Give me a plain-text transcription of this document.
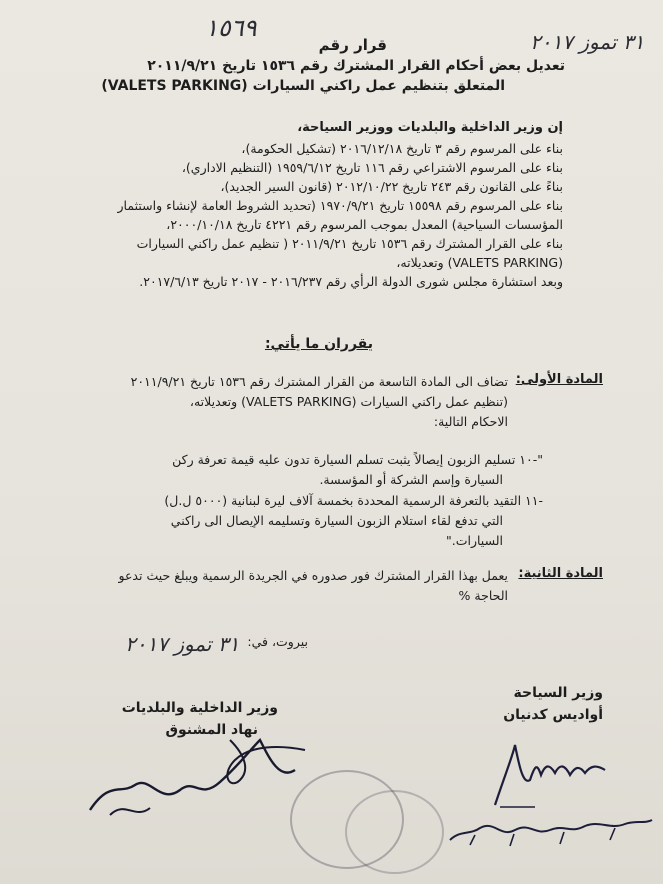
١٥٦٩	٣١ تموز ٢٠١٧
قرار رقم
تعديل بعض أحكام القرار المشترك رقم ١٥٣٦ تاريخ ٢٠١١/٩/٢١
المتعلق بتنظيم عمل راكني السيارات (VALETS PARKING)
إن وزير الداخلية والبلديات ووزير السياحة،
بناء على المرسوم رقم ٣ تاريخ ٢٠١٦/١٢/١٨ (تشكيل الحكومة)،
بناء على المرسوم الاشتراعي رقم ١١٦ تاريخ ١٩٥٩/٦/١٢ (التنظيم الاداري)،
بناءً على القانون رقم ٢٤٣ تاريخ ٢٠١٢/١٠/٢٢ (قانون السير الجديد)،
بناء على المرسوم رقم ١٥٥٩٨ تاريخ ١٩٧٠/٩/٢١ (تحديد الشروط العامة لإنشاء واستثمار
المؤسسات السياحية) المعدل بموجب المرسوم رقم ٤٢٢١ تاريخ ٢٠٠٠/١٠/١٨،
بناء على القرار المشترك رقم ١٥٣٦ تاريخ ٢٠١١/٩/٢١ ( تنظيم عمل راكني السيارات
(VALETS PARKING) وتعديلاته،
وبعد استشارة مجلس شورى الدولة الرأي رقم ٢٠١٦/٢٣٧ - ٢٠١٧ تاريخ ٢٠١٧/٦/١٣.
يقرران ما يأتي:
المادة الأولى:
تضاف الى المادة التاسعة من القرار المشترك رقم ١٥٣٦ تاريخ ٢٠١١/٩/٢١
(تنظيم عمل راكني السيارات (VALETS PARKING) وتعديلاته،
الاحكام التالية:
"-١٠ تسليم الزبون إيصالاً يثبت تسلم السيارة تدون عليه قيمة تعرفة ركن
السيارة وإسم الشركة أو المؤسسة.
-١١ التقيد بالتعرفة الرسمية المحددة بخمسة آلاف ليرة لبنانية (٥٠٠٠ ل.ل)
التي تدفع لقاء استلام الزبون السيارة وتسليمه الإيصال الى راكني
السيارات."
المادة الثانية:
يعمل بهذا القرار المشترك فور صدوره في الجريدة الرسمية ويبلغ حيث تدعو
الحاجة %
بيروت، في:
٣١ تموز ٢٠١٧
وزير السياحة
أواديس كدنيان
وزير الداخلية والبلديات
نهاد المشنوق
